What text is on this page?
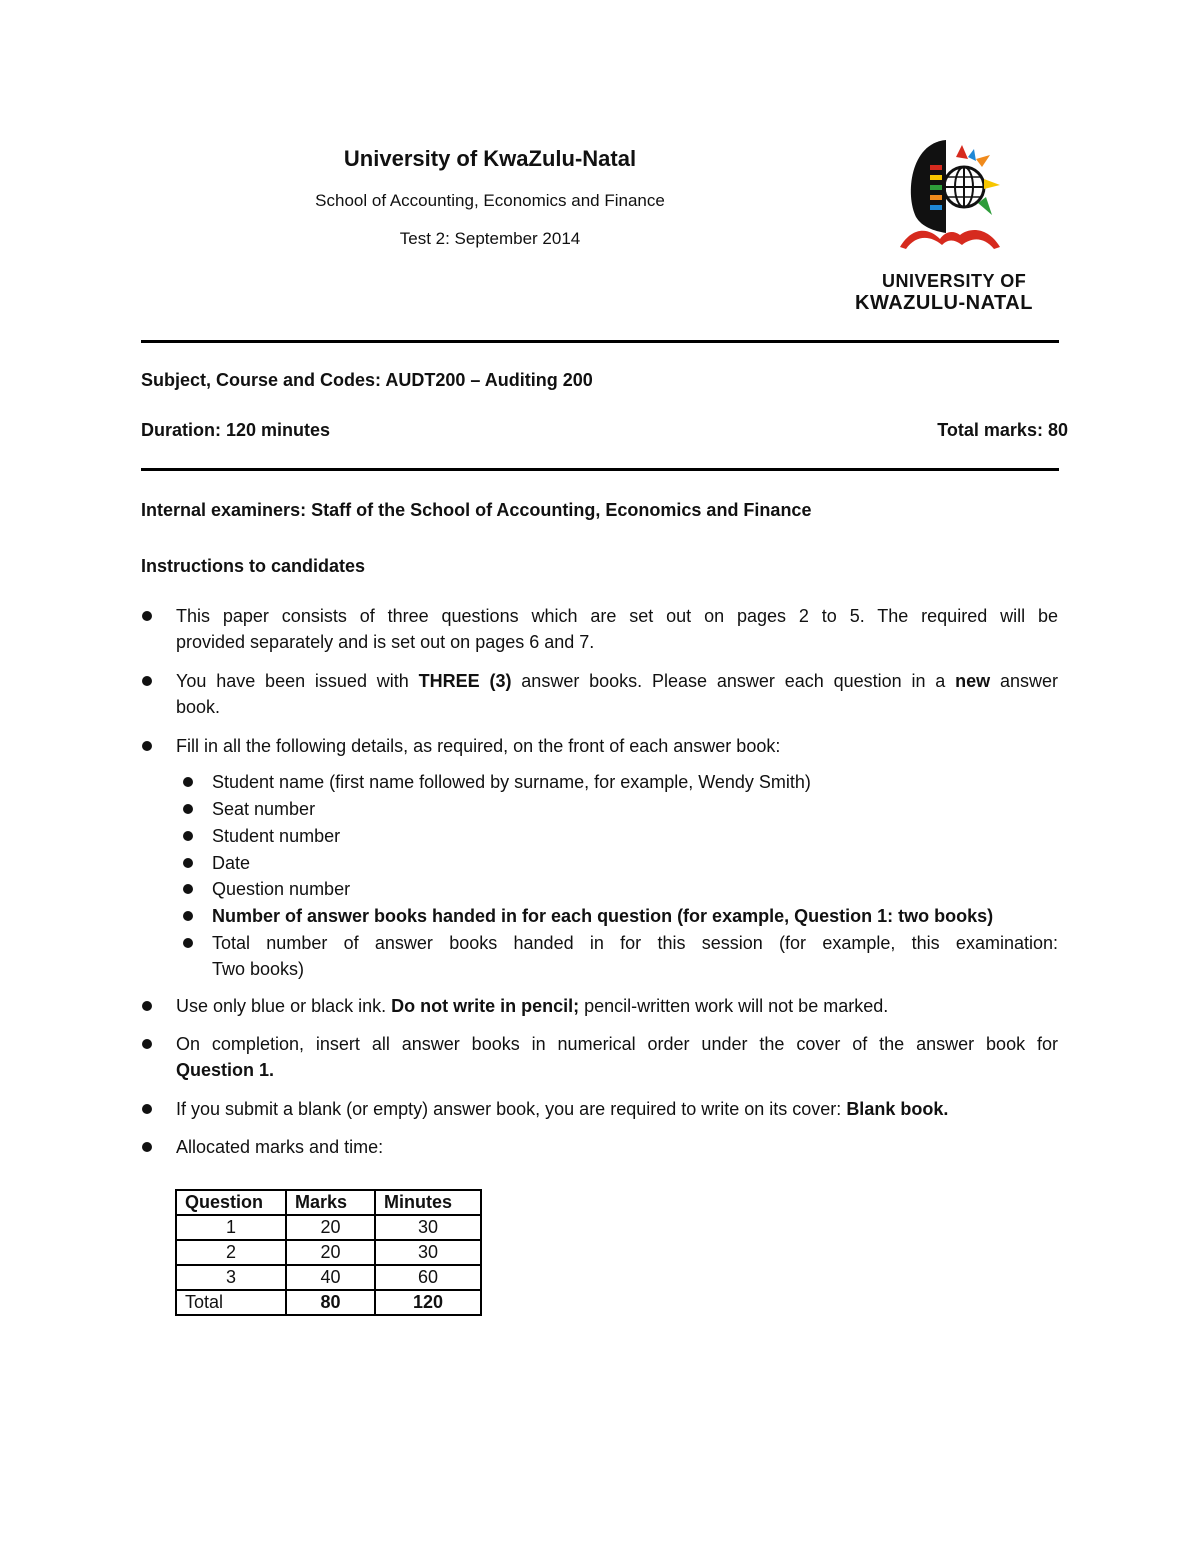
University of KwaZulu-Natal
School of Accounting, Economics and Finance
Test 2: September 2014
UNIVERSITY OF
KWAZULU-NATAL
Subject, Course and Codes: AUDT200 – Auditing 200
Duration: 120 minutes	Total marks: 80
Internal examiners: Staff of the School of Accounting, Economics and Finance
Instructions to candidates
This paper consists of three questions which are set out on pages 2 to 5. The required will be
provided separately and is set out on pages 6 and 7.
You have been issued with THREE (3) answer books. Please answer each question in a new answer
book.
Fill in all the following details, as required, on the front of each answer book:
Student name (first name followed by surname, for example, Wendy Smith)
Seat number
Student number
Date
Question number
Number of answer books handed in for each question (for example, Question 1: two books)
Total number of answer books handed in for this session (for example, this examination:
Two books)
Use only blue or black ink. Do not write in pencil; pencil-written work will not be marked.
On completion, insert all answer books in numerical order under the cover of the answer book for
Question 1.
If you submit a blank (or empty) answer book, you are required to write on its cover: Blank book.
Allocated marks and time:
Question	Marks	Minutes
1	20	30
2	20	30
3	40	60
Total	80	120
